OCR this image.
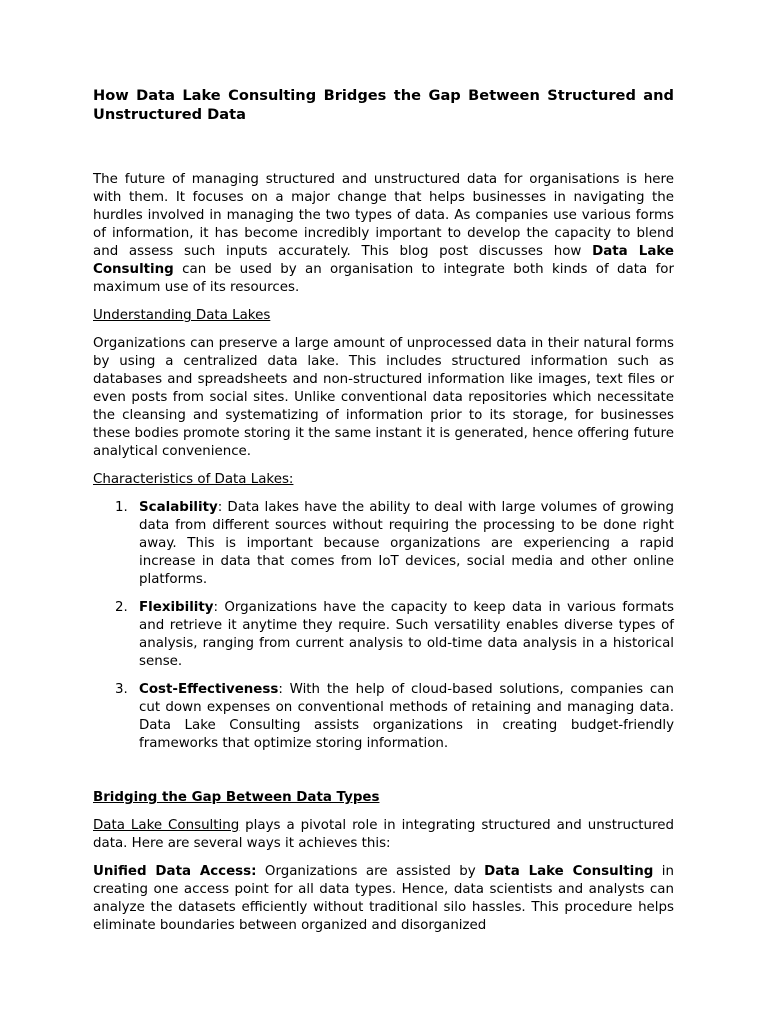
How Data Lake Consulting Bridges the Gap Between Structured and Unstructured Data

The future of managing structured and unstructured data for organisations is here with them. It focuses on a major change that helps businesses in navigating the hurdles involved in managing the two types of data. As companies use various forms of information, it has become incredibly important to develop the capacity to blend and assess such inputs accurately. This blog post discusses how Data Lake Consulting can be used by an organisation to integrate both kinds of data for maximum use of its resources.

Understanding Data Lakes

Organizations can preserve a large amount of unprocessed data in their natural forms by using a centralized data lake. This includes structured information such as databases and spreadsheets and non-structured information like images, text files or even posts from social sites. Unlike conventional data repositories which necessitate the cleansing and systematizing of information prior to its storage, for businesses these bodies promote storing it the same instant it is generated, hence offering future analytical convenience.

Characteristics of Data Lakes:

1. Scalability: Data lakes have the ability to deal with large volumes of growing data from different sources without requiring the processing to be done right away. This is important because organizations are experiencing a rapid increase in data that comes from IoT devices, social media and other online platforms.
2. Flexibility: Organizations have the capacity to keep data in various formats and retrieve it anytime they require. Such versatility enables diverse types of analysis, ranging from current analysis to old-time data analysis in a historical sense.
3. Cost-Effectiveness: With the help of cloud-based solutions, companies can cut down expenses on conventional methods of retaining and managing data. Data Lake Consulting assists organizations in creating budget-friendly frameworks that optimize storing information.

Bridging the Gap Between Data Types

Data Lake Consulting plays a pivotal role in integrating structured and unstructured data. Here are several ways it achieves this:

Unified Data Access: Organizations are assisted by Data Lake Consulting in creating one access point for all data types. Hence, data scientists and analysts can analyze the datasets efficiently without traditional silo hassles. This procedure helps eliminate boundaries between organized and disorganized
